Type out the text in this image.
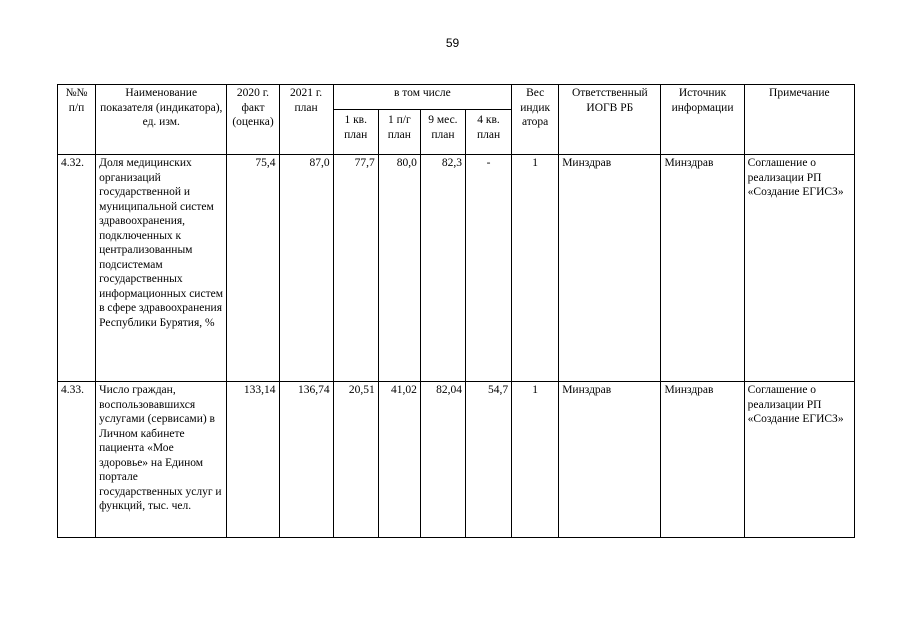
59
№№
п/п	Наименование показателя (индикатора), ед. изм.	2020 г. факт (оценка)	2021 г. план	в том числе				Вес индик атора	Ответственный ИОГВ РБ	Источник информации	Примечание
				1 кв. план	1 п/г план	9 мес. план	4 кв. план				
4.32.	Доля медицинских организаций государственной и муниципальной систем здравоохранения, подключенных к централизованным подсистемам государственных информационных систем в сфере здравоохранения Республики Бурятия, %	75,4	87,0	77,7	80,0	82,3	-	1	Минздрав	Минздрав	Соглашение о реализации РП «Создание ЕГИСЗ»
4.33.	Число граждан, воспользовавшихся услугами (сервисами) в Личном кабинете пациента «Мое здоровье» на Едином портале государственных услуг и функций, тыс. чел.	133,14	136,74	20,51	41,02	82,04	54,7	1	Минздрав	Минздрав	Соглашение о реализации РП «Создание ЕГИСЗ»
